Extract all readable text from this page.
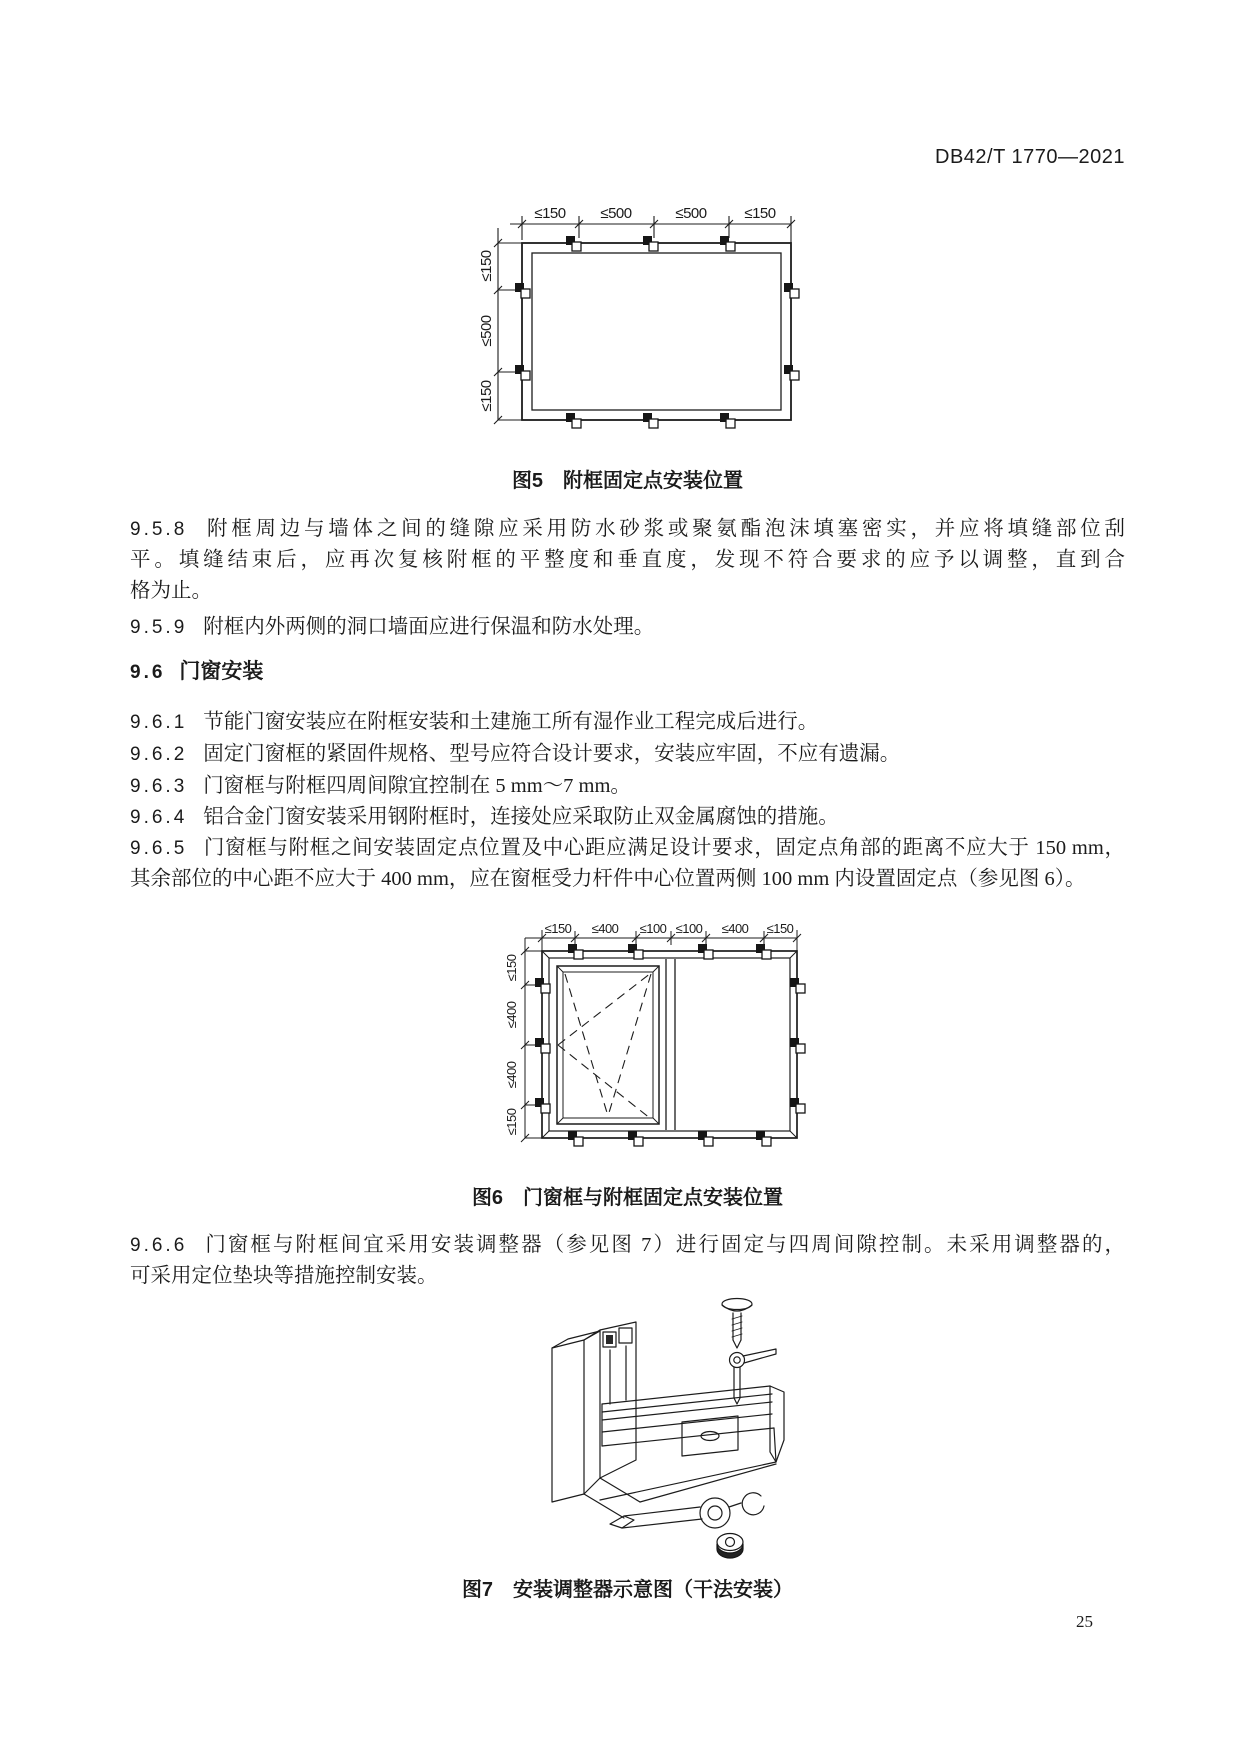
DB42/T 1770—2021
≤150 ≤500	≤500	≤150
≤150
≤500
≤150
图5　附框固定点安装位置
9.5.8 附框周边与墙体之间的缝隙应采用防水砂浆或聚氨酯泡沫填塞密实，并应将填缝部位刮
平。填缝结束后，应再次复核附框的平整度和垂直度，发现不符合要求的应予以调整，直到合
格为止。
9.5.9 附框内外两侧的洞口墙面应进行保温和防水处理。
9.6 门窗安装
9.6.1 节能门窗安装应在附框安装和土建施工所有湿作业工程完成后进行。
9.6.2 固定门窗框的紧固件规格、型号应符合设计要求，安装应牢固，不应有遗漏。
9.6.3 门窗框与附框四周间隙宜控制在 5 mm～7 mm。
9.6.4 铝合金门窗安装采用钢附框时，连接处应采取防止双金属腐蚀的措施。
9.6.5 门窗框与附框之间安装固定点位置及中心距应满足设计要求，固定点角部的距离不应大于 150 mm，
其余部位的中心距不应大于 400 mm，应在窗框受力杆件中心位置两侧 100 mm 内设置固定点（参见图 6）。
≤150 ≤400 ≤100 ≤100 ≤400 ≤150
≤150
≤400
≤400
≤150
图6　门窗框与附框固定点安装位置
9.6.6 门窗框与附框间宜采用安装调整器（参见图 7）进行固定与四周间隙控制。未采用调整器的，
可采用定位垫块等措施控制安装。
图7　安装调整器示意图（干法安装）
25
